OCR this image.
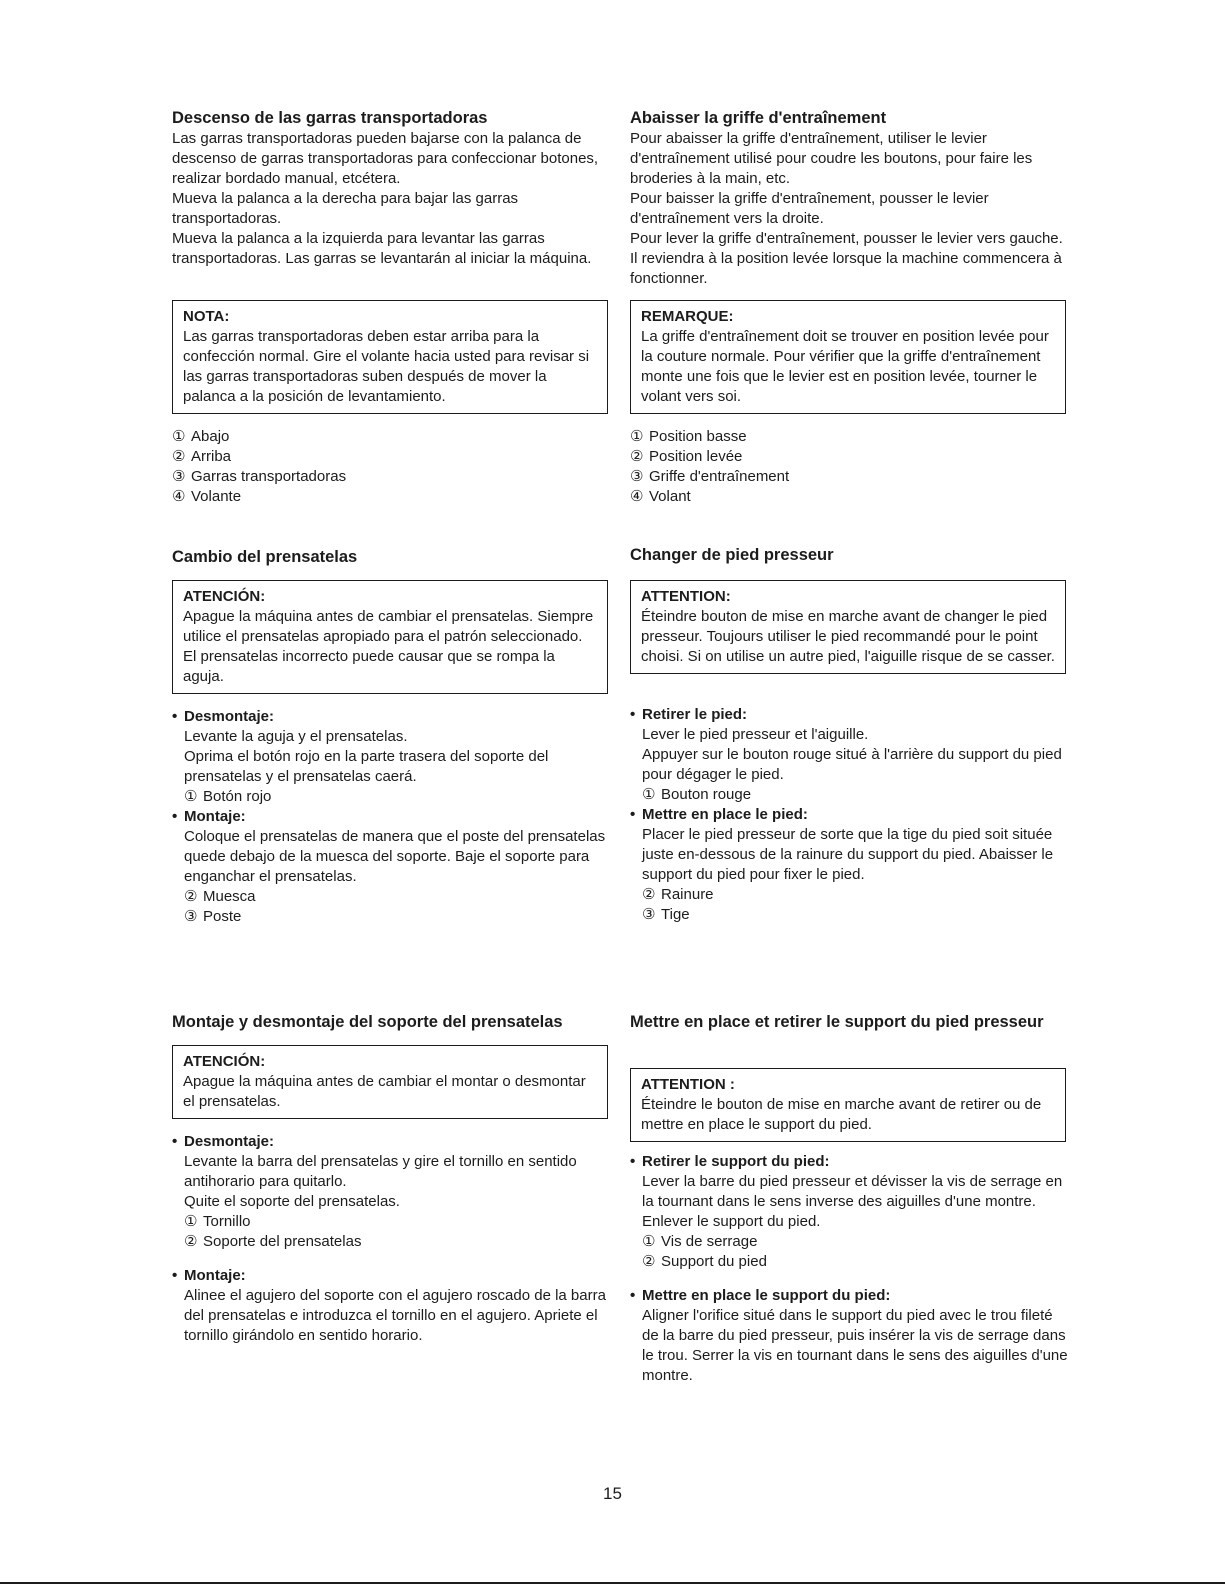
Descenso de las garras transportadoras

Las garras transportadoras pueden bajarse con la palanca de descenso de garras transportadoras para confeccionar botones, realizar bordado manual, etcétera.

Mueva la palanca a la derecha para bajar las garras transportadoras.

Mueva la palanca a la izquierda para levantar las garras transportadoras. Las garras se levantarán al iniciar la máquina.

NOTA:
Las garras transportadoras deben estar arriba para la confección normal. Gire el volante hacia usted para revisar si las garras transportadoras suben después de mover la palanca a la posición de levantamiento.
① Abajo
② Arriba
③ Garras transportadoras
④ Volante
Cambio del prensatelas
ATENCIÓN:
Apague la máquina antes de cambiar el prensatelas. Siempre utilice el prensatelas apropiado para el patrón seleccionado. El prensatelas incorrecto puede causar que se rompa la aguja.
• Desmontaje:

Levante la aguja y el prensatelas.

Oprima el botón rojo en la parte trasera del soporte del prensatelas y el prensatelas caerá.

① Botón rojo
• Montaje:

Coloque el prensatelas de manera que el poste del prensatelas quede debajo de la muesca del soporte. Baje el soporte para enganchar el prensatelas.

② Muesca
③ Poste
Montaje y desmontaje del soporte del prensatelas
ATENCIÓN:
Apague la máquina antes de cambiar el montar o desmontar el prensatelas.
• Desmontaje:

Levante la barra del prensatelas y gire el tornillo en sentido antihorario para quitarlo.

Quite el soporte del prensatelas.

① Tornillo
② Soporte del prensatelas
• Montaje:

Alinee el agujero del soporte con el agujero roscado de la barra del prensatelas e introduzca el tornillo en el agujero. Apriete el tornillo girándolo en sentido horario.

Abaisser la griffe d'entraînement

Pour abaisser la griffe d'entraînement, utiliser le levier d'entraînement utilisé pour coudre les boutons, pour faire les broderies à la main, etc.

Pour baisser la griffe d'entraînement, pousser le levier d'entraînement vers la droite.

Pour lever la griffe d'entraînement, pousser le levier vers gauche. Il reviendra à la position levée lorsque la machine commencera à fonctionner.

REMARQUE:
La griffe d'entraînement doit se trouver en position levée pour la couture normale. Pour vérifier que la griffe d'entraînement monte une fois que le levier est en position levée, tourner le volant vers soi.
① Position basse
② Position levée
③ Griffe d'entraînement
④ Volant
Changer de pied presseur
ATTENTION:
Éteindre bouton de mise en marche avant de changer le pied presseur. Toujours utiliser le pied recommandé pour le point choisi. Si on utilise un autre pied, l'aiguille risque de se casser.
• Retirer le pied:

Lever le pied presseur et l'aiguille.

Appuyer sur le bouton rouge situé à l'arrière du support du pied pour dégager le pied.

① Bouton rouge
• Mettre en place le pied:

Placer le pied presseur de sorte que la tige du pied soit située juste en-dessous de la rainure du support du pied. Abaisser le support du pied pour fixer le pied.

② Rainure
③ Tige
Mettre en place et retirer le support du pied presseur
ATTENTION :
Éteindre le bouton de mise en marche avant de retirer ou de mettre en place le support du pied.
• Retirer le support du pied:

Lever la barre du pied presseur et dévisser la vis de serrage en la tournant dans le sens inverse des aiguilles d'une montre. Enlever le support du pied.

① Vis de serrage
② Support du pied
• Mettre en place le support du pied:

Aligner l'orifice situé dans le support du pied avec le trou fileté de la barre du pied presseur, puis insérer la vis de serrage dans le trou. Serrer la vis en tournant dans le sens des aiguilles d'une montre.

15
